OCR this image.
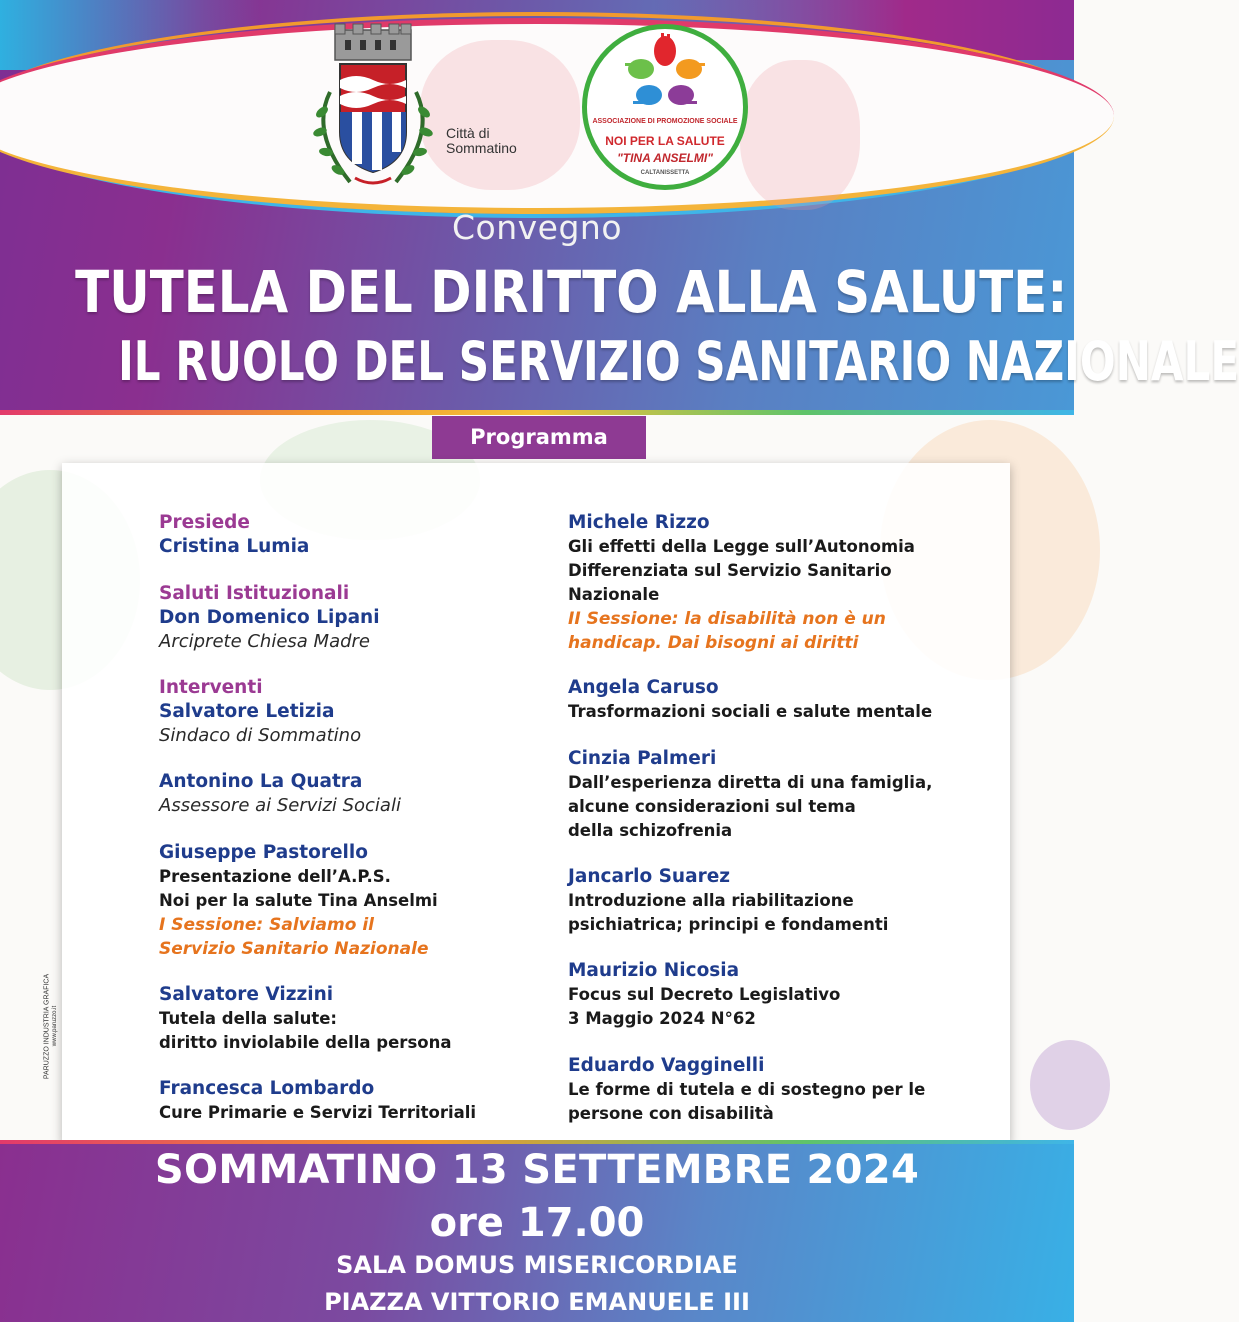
Città di
Sommatino
ASSOCIAZIONE DI PROMOZIONE SOCIALE
NOI PER LA SALUTE
"TINA ANSELMI"
CALTANISSETTA
Convegno
TUTELA DEL DIRITTO ALLA SALUTE:
IL RUOLO DEL SERVIZIO SANITARIO NAZIONALE
Programma
Presiede
Cristina Lumia
Saluti Istituzionali
Don Domenico Lipani
Arciprete Chiesa Madre
Interventi
Salvatore Letizia
Sindaco di Sommatino
Antonino La Quatra
Assessore ai Servizi Sociali
Giuseppe Pastorello
Presentazione dell’A.P.S.
Noi per la salute Tina Anselmi
I Sessione: Salviamo il
Servizio Sanitario Nazionale
Salvatore Vizzini
Tutela della salute:
diritto inviolabile della persona
Francesca Lombardo
Cure Primarie e Servizi Territoriali
Michele Rizzo
Gli effetti della Legge sull’Autonomia
Differenziata sul Servizio Sanitario
Nazionale
II Sessione: la disabilità non è un
handicap. Dai bisogni ai diritti
Angela Caruso
Trasformazioni sociali e salute mentale
Cinzia Palmeri
Dall’esperienza diretta di una famiglia,
alcune considerazioni sul tema
della schizofrenia
Jancarlo Suarez
Introduzione alla riabilitazione
psichiatrica; principi e fondamenti
Maurizio Nicosia
Focus sul Decreto Legislativo
3 Maggio 2024 N°62
Eduardo Vagginelli
Le forme di tutela e di sostegno per le
persone con disabilità
PARUZZO INDUSTRIA GRAFICA www.paruzzo.it
SOMMATINO 13 SETTEMBRE 2024
ore 17.00
SALA DOMUS MISERICORDIAE
PIAZZA VITTORIO EMANUELE III
